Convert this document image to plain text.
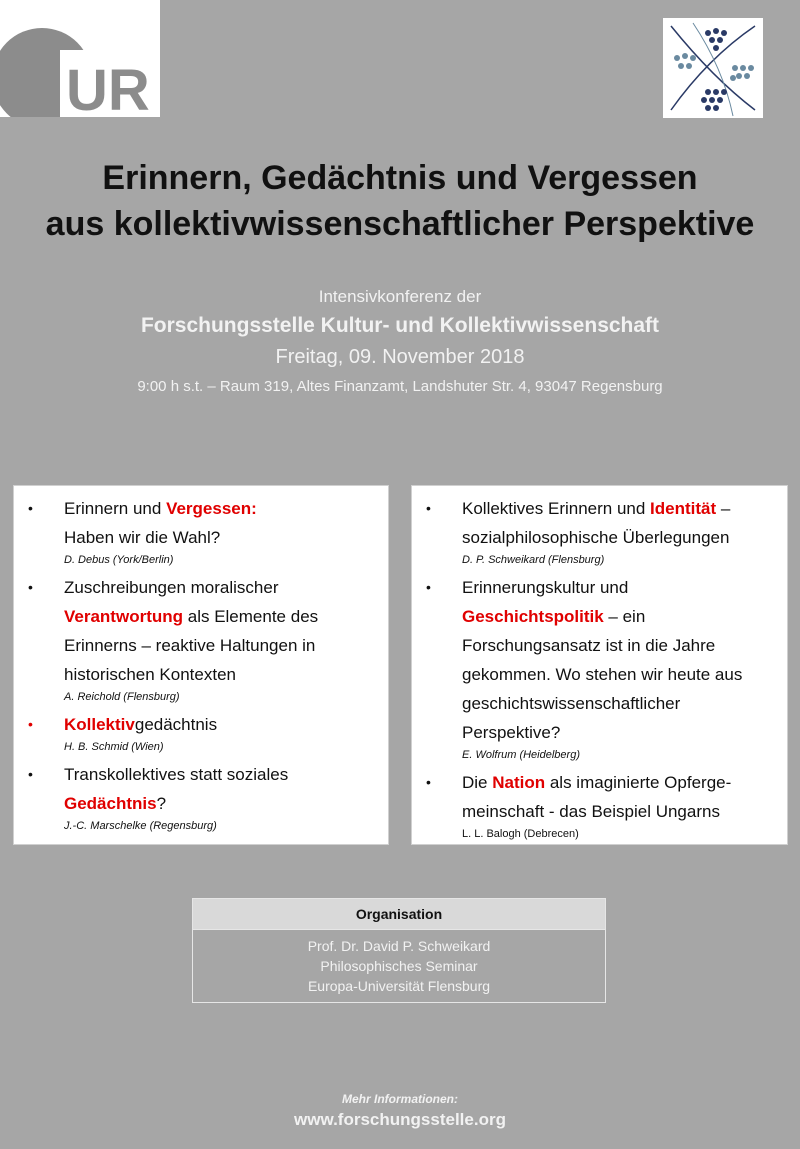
UR
Erinnern, Gedächtnis und Vergessen
aus kollektivwissenschaftlicher Perspektive
Intensivkonferenz der
Forschungsstelle Kultur- und Kollektivwissenschaft
Freitag, 09. November 2018
9:00 h s.t. – Raum 319, Altes Finanzamt, Landshuter Str. 4, 93047 Regensburg
• Erinnern und Vergessen:
Haben wir die Wahl?
D. Debus (York/Berlin)
• Zuschreibungen moralischer Verantwortung als Elemente des Erinnerns – reaktive Haltungen in historischen Kontexten
A. Reichold (Flensburg)
• Kollektivgedächtnis
H. B. Schmid (Wien)
• Transkollektives statt soziales Gedächtnis?
J.-C. Marschelke (Regensburg)
• Kollektives Erinnern und Identität – sozialphilosophische Überlegungen
D. P. Schweikard (Flensburg)
• Erinnerungskultur und
Geschichtspolitik – ein Forschungsansatz ist in die Jahre gekommen. Wo stehen wir heute aus geschichtswissenschaftlicher Perspektive?
E. Wolfrum (Heidelberg)
• Die Nation als imaginierte Opferge-meinschaft - das Beispiel Ungarns
L. L. Balogh (Debrecen)
Organisation
Prof. Dr. David P. Schweikard
Philosophisches Seminar
Europa-Universität Flensburg
Mehr Informationen:
www.forschungsstelle.org
